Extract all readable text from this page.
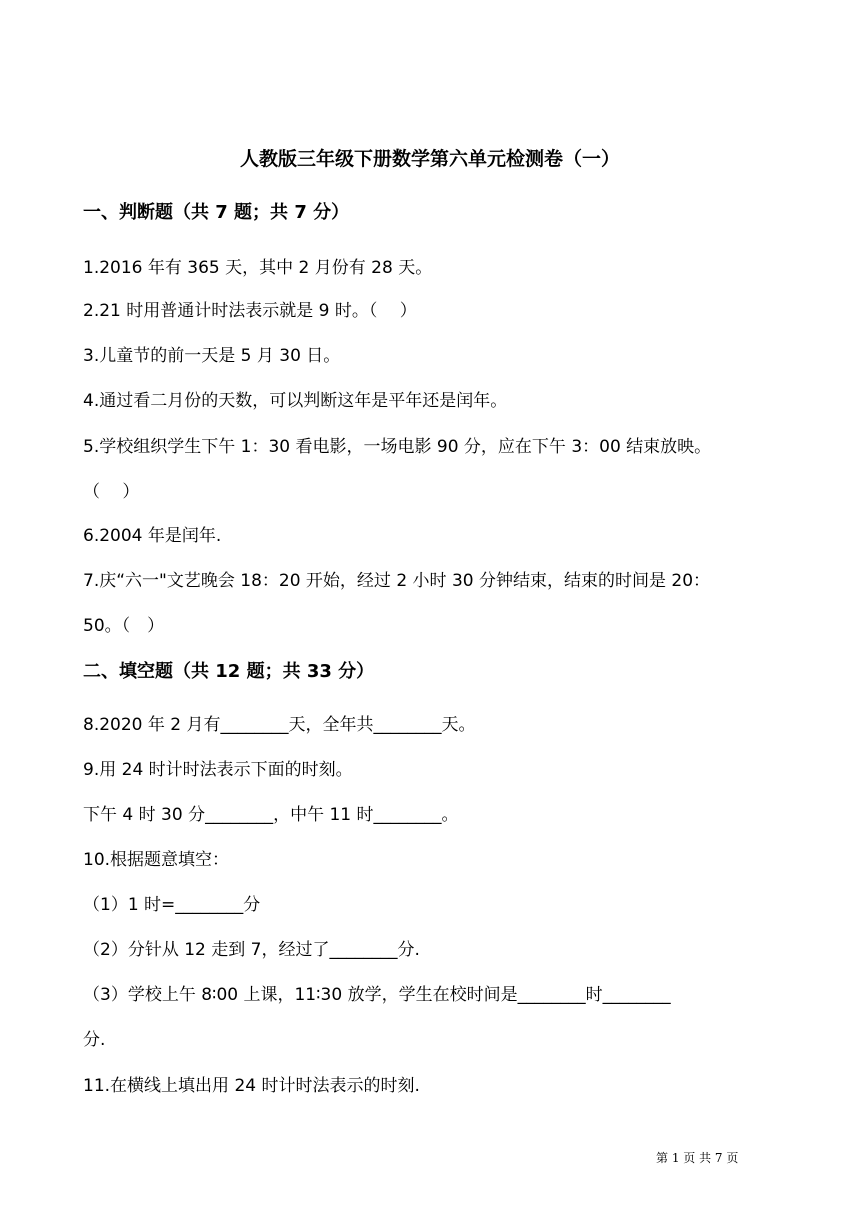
人教版三年级下册数学第六单元检测卷（一）
一、判断题（共 7 题；共 7 分）
1.2016 年有 365 天，其中 2 月份有 28 天。
2.21 时用普通计时法表示就是 9 时。（　 ）
3.儿童节的前一天是 5 月 30 日。
4.通过看二月份的天数，可以判断这年是平年还是闰年。
5.学校组织学生下午 1：30 看电影，一场电影 90 分，应在下午 3：00 结束放映。
（　 ）
6.2004 年是闰年.
7.庆“六一"文艺晚会 18：20 开始，经过 2 小时 30 分钟结束，结束的时间是 20：
50。（　）
二、填空题（共 12 题；共 33 分）
8.2020 年 2 月有________天，全年共________天。
9.用 24 时计时法表示下面的时刻。
下午 4 时 30 分________，中午 11 时________。
10.根据题意填空：
（1）1 时=________分
（2）分针从 12 走到 7，经过了________分.
（3）学校上午 8∶00 上课，11∶30 放学，学生在校时间是________时________
分.
11.在横线上填出用 24 时计时法表示的时刻.
第 1 页 共 7 页
